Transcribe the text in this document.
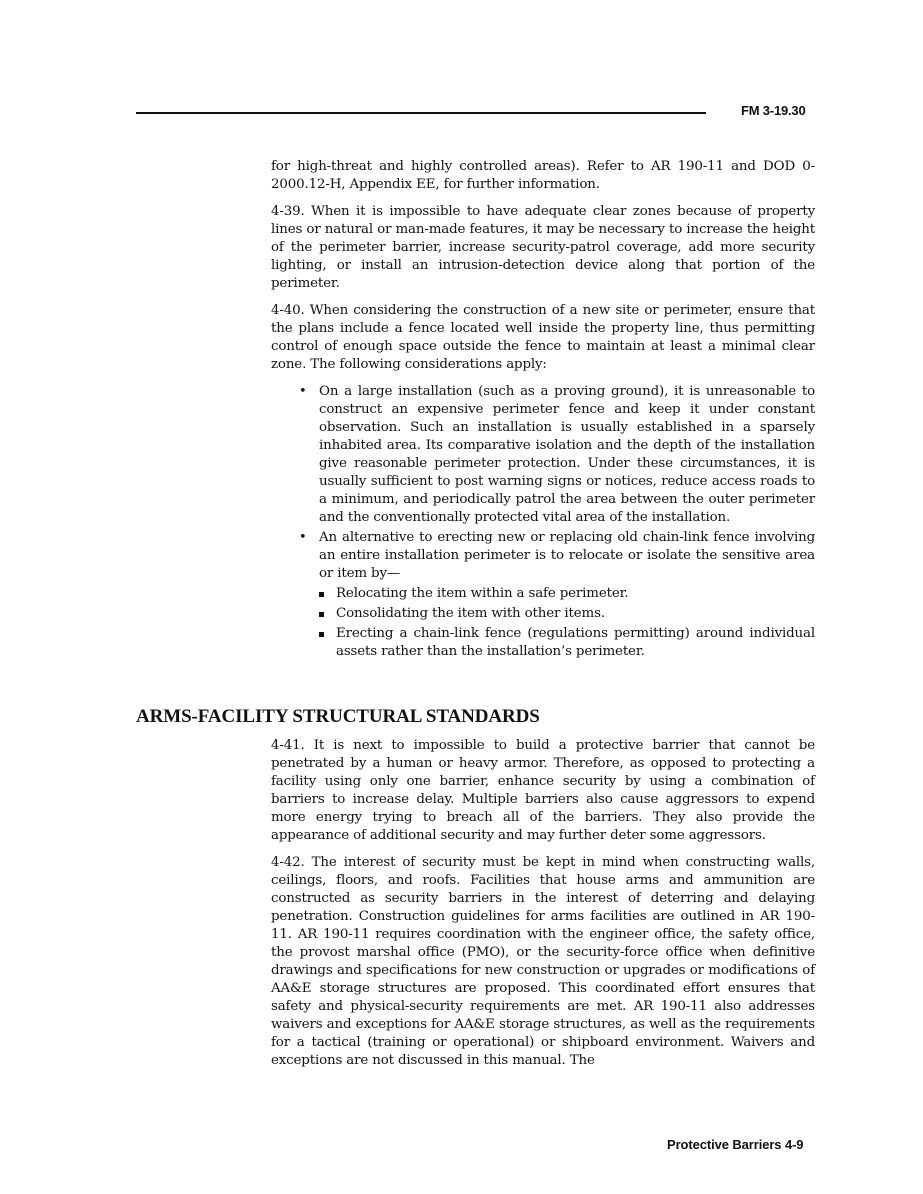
FM 3-19.30

for high-threat and highly controlled areas). Refer to AR 190-11 and DOD 0-2000.12-H, Appendix EE, for further information.

4-39. When it is impossible to have adequate clear zones because of property lines or natural or man-made features, it may be necessary to increase the height of the perimeter barrier, increase security-patrol coverage, add more security lighting, or install an intrusion-detection device along that portion of the perimeter.

4-40. When considering the construction of a new site or perimeter, ensure that the plans include a fence located well inside the property line, thus permitting control of enough space outside the fence to maintain at least a minimal clear zone. The following considerations apply:

• On a large installation (such as a proving ground), it is unreasonable to construct an expensive perimeter fence and keep it under constant observation. Such an installation is usually established in a sparsely inhabited area. Its comparative isolation and the depth of the installation give reasonable perimeter protection. Under these circumstances, it is usually sufficient to post warning signs or notices, reduce access roads to a minimum, and periodically patrol the area between the outer perimeter and the conventionally protected vital area of the installation.
• An alternative to erecting new or replacing old chain-link fence involving an entire installation perimeter is to relocate or isolate the sensitive area or item by—
Relocating the item within a safe perimeter.
Consolidating the item with other items.
Erecting a chain-link fence (regulations permitting) around individual assets rather than the installation’s perimeter.
ARMS-FACILITY STRUCTURAL STANDARDS

4-41. It is next to impossible to build a protective barrier that cannot be penetrated by a human or heavy armor. Therefore, as opposed to protecting a facility using only one barrier, enhance security by using a combination of barriers to increase delay. Multiple barriers also cause aggressors to expend more energy trying to breach all of the barriers. They also provide the appearance of additional security and may further deter some aggressors.

4-42. The interest of security must be kept in mind when constructing walls, ceilings, floors, and roofs. Facilities that house arms and ammunition are constructed as security barriers in the interest of deterring and delaying penetration. Construction guidelines for arms facilities are outlined in AR 190-11. AR 190-11 requires coordination with the engineer office, the safety office, the provost marshal office (PMO), or the security-force office when definitive drawings and specifications for new construction or upgrades or modifications of AA&E storage structures are proposed. This coordinated effort ensures that safety and physical-security requirements are met. AR 190-11 also addresses waivers and exceptions for AA&E storage structures, as well as the requirements for a tactical (training or operational) or shipboard environment. Waivers and exceptions are not discussed in this manual. The

Protective Barriers 4-9
